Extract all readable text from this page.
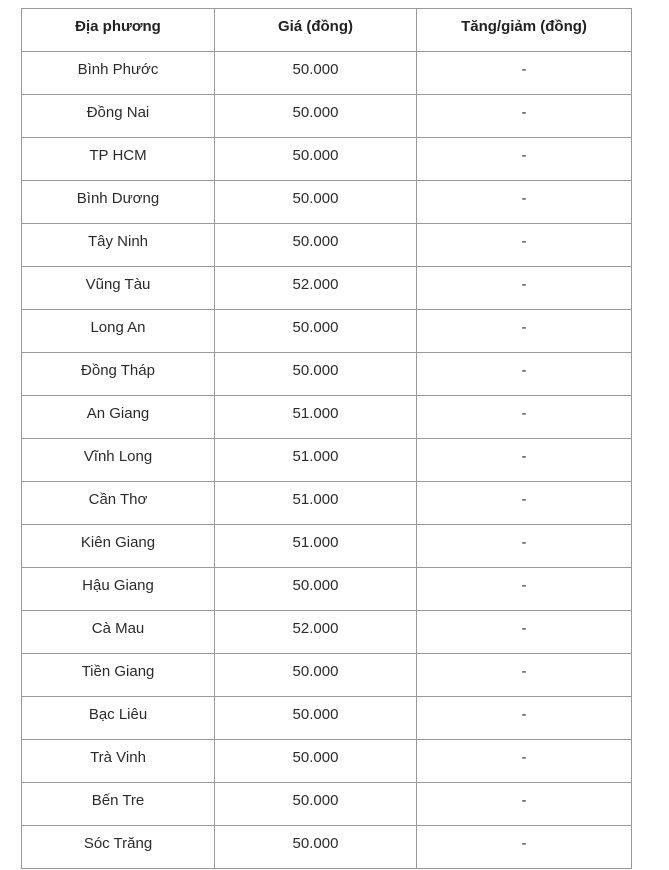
Địa phương	Giá (đồng)	Tăng/giảm (đồng)
Bình Phước	50.000	-
Đồng Nai	50.000	-
TP HCM	50.000	-
Bình Dương	50.000	-
Tây Ninh	50.000	-
Vũng Tàu	52.000	-
Long An	50.000	-
Đồng Tháp	50.000	-
An Giang	51.000	-
Vĩnh Long	51.000	-
Cần Thơ	51.000	-
Kiên Giang	51.000	-
Hậu Giang	50.000	-
Cà Mau	52.000	-
Tiền Giang	50.000	-
Bạc Liêu	50.000	-
Trà Vinh	50.000	-
Bến Tre	50.000	-
Sóc Trăng	50.000	-
